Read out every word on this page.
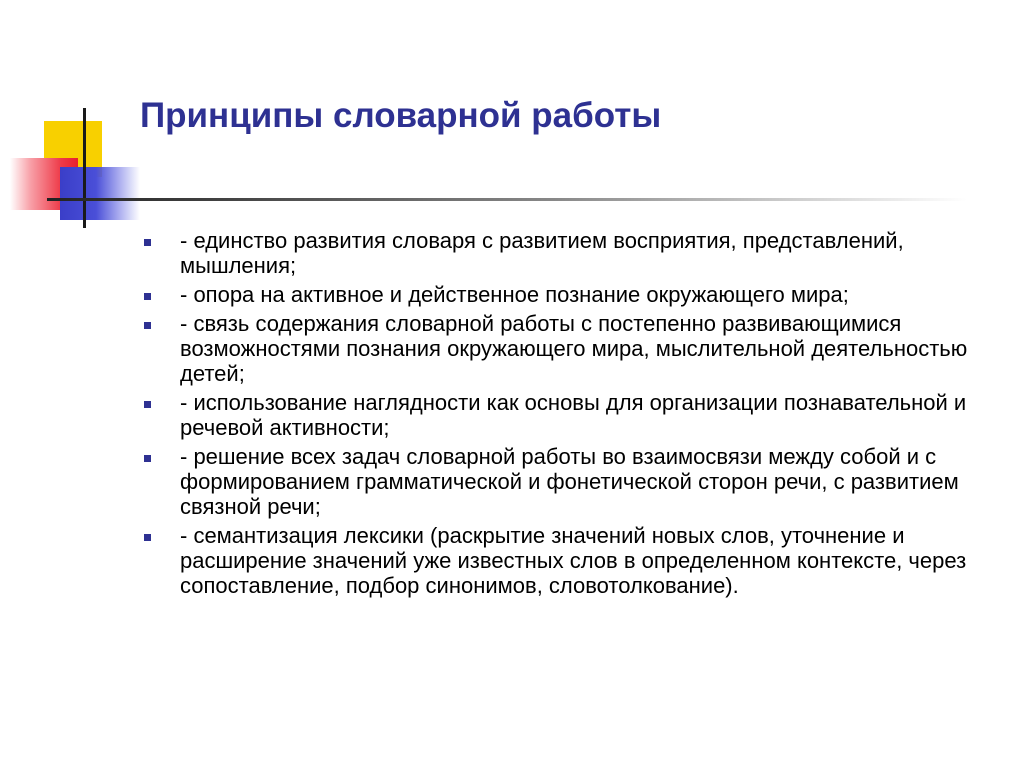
Принципы словарной работы
- единство развития словаря с развитием восприятия, представлений, мышления;
- опора на активное и действенное познание окружающего мира;
- связь содержания словарной работы с постепенно развивающимися возможностями познания окружающего мира, мыслительной деятельностью детей;
- использование наглядности как основы для организации познавательной и речевой активности;
- решение всех задач словарной работы во взаимосвязи между собой и с формированием грамматической и фонетической сторон речи, с развитием связной речи;
- семантизация лексики (раскрытие значений новых слов, уточнение и расширение значений уже известных слов в определенном контексте, через сопоставление, подбор синонимов, словотолкование).
